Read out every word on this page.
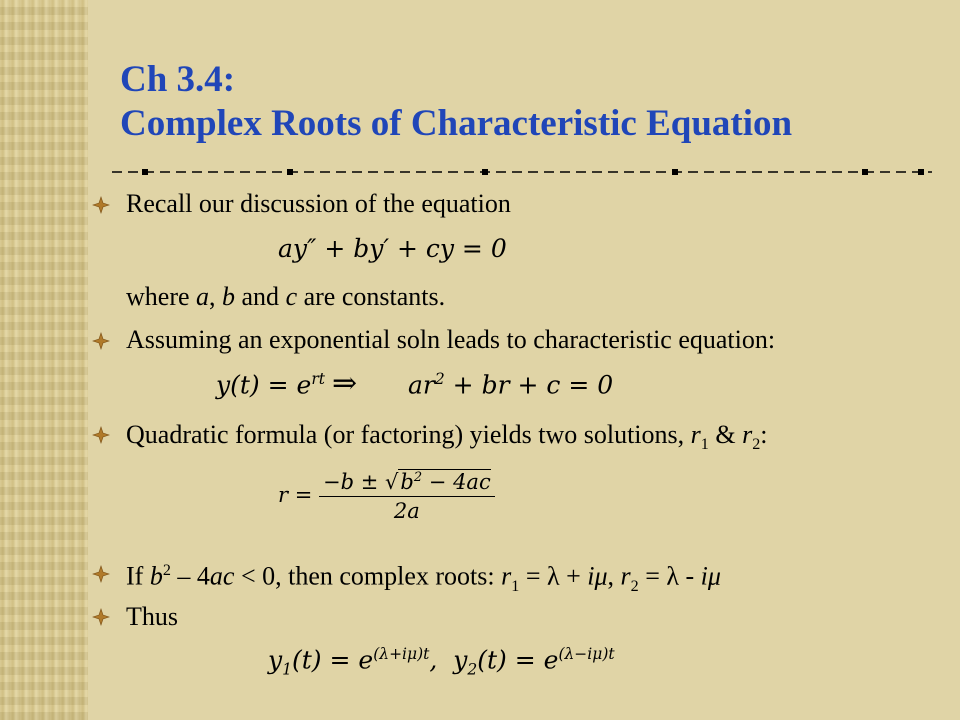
Ch 3.4:
Complex Roots of Characteristic Equation
Recall our discussion of the equation
ay″ + by′ + cy = 0
where a, b and c are constants.
Assuming an exponential soln leads to characteristic equation:
$y(t) = e^{rt}$ ⇒ $ar^2$ + br + c = 0
Quadratic formula (or factoring) yields two solutions, $r_1$ & $r_2$:
$r = \frac{-b \pm √b^2 - 4ac}{2a}$
If $b^2 - 4ac < 0$, then complex roots: $r_1 = \lambda + i\mu$, $r_2 = \lambda - i\mu$
Thus
$y_1(t) = e^{(\lambda+i\mu)t}$, $y_2(t) = e^{(\lambda-i\mu)t}$
